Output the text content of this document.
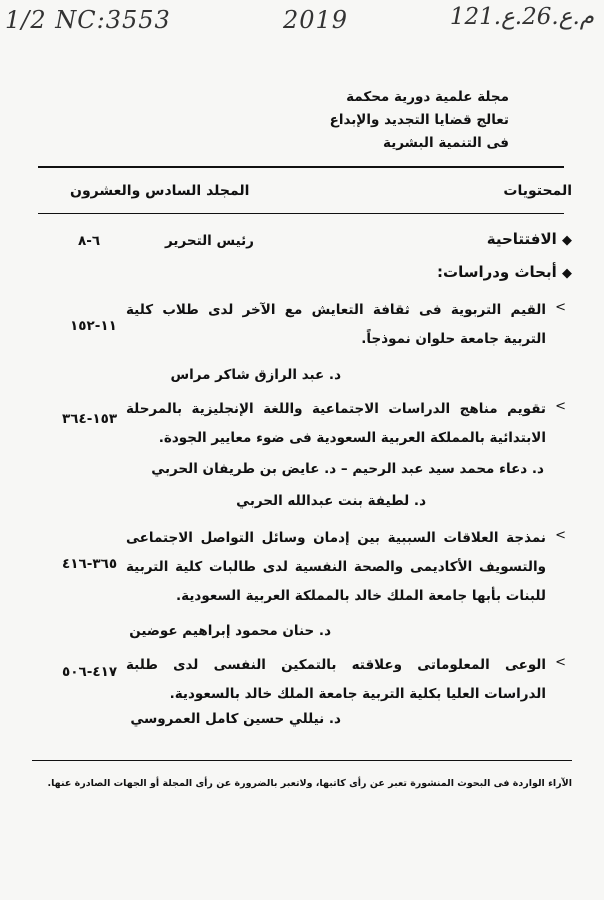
1/2 NC:3553	2019	م.ع.26.ع.121
مجلة علمية دورية محكمة
تعالج قضايا التجديد والإبداع
فى التنمية البشرية
المحتويات
المجلد السادس والعشرون
◆ الافتتاحية
رئيس التحرير
٦-٨
◆ أبحاث ودراسات:
<
القيم التربوية فى ثقافة التعايش مع الآخر لدى طلاب كلية التربية جامعة حلوان نموذجاً.
١١-١٥٢
د. عبد الرازق شاكر مراس
<
تقويم مناهج الدراسات الاجتماعية واللغة الإنجليزية بالمرحلة الابتدائية بالمملكة العربية السعودية فى ضوء معايير الجودة.
١٥٣-٣٦٤
د. دعاء محمد سيد عبد الرحيم – د. عايض بن طريفان الحربي
د. لطيفة بنت عبدالله الحربي
<
نمذجة العلاقات السببية بين إدمان وسائل التواصل الاجتماعى والتسويف الأكاديمى والصحة النفسية لدى طالبات كلية التربية للبنات بأبها جامعة الملك خالد بالمملكة العربية السعودية.
٣٦٥-٤١٦
د. حنان محمود إبراهيم عوضين
<
الوعى المعلوماتى وعلاقته بالتمكين النفسى لدى طلبة الدراسات العليا بكلية التربية جامعة الملك خالد بالسعودية.
٤١٧-٥٠٦
د. نيللي حسين كامل العمروسي
الآراء الواردة فى البحوث المنشورة تعبر عن رأى كاتبها، ولاتعبر بالضرورة عن رأى المجلة أو الجهات الصادرة عنها.
